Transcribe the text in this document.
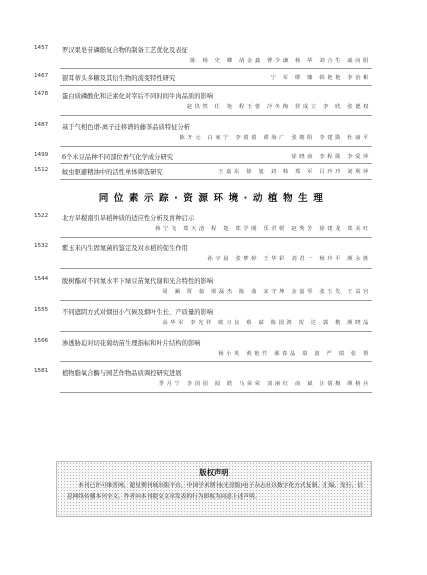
1457	罗汉果皂苷磷脂复合物的制备工艺优化及表征
陈 杨 史 卿 胡金鑫 曹少谦 杨 华 刘合生 戚向阳
1467	银耳蒂头多糖及其衍生物的流变特性研究	宁 军 缪 娜 韩艳艳 李治彬
1478	蛋白质磷酸化和泛素化对宰后不同时间牛肉品质的影响
赵玖然 任 艳 程玉蕾 冷冬梅 侯成立 李 欣 张德权
1487	基于气相色谱-离子迁移谱的藤茶品质特征分析
陈开元 白家宁 李倩倩 谭海广 张朝阳 李建勋 杜丽平
1499	6个木豆品种不同部位香气化学成分研究	徐晓俞 李程勋 李爱萍
1512	蚊虫驱避精油中的活性单体筛选研究	王嘉东 徐 旭 刘 韩 郑 军 吕玲玲 刘利萍
同位素示踪·资源环境·动植物生理
1522	北方旱稷南引旱稻种质的适应性分析及育种启示
蒋宁飞 郑天清 程 楚 郑学刚 乐君媛 赵秀芳 徐建龙 郑美红
1532	紫玉米内生固氮菌的鉴定及对水稻的促生作用
孙宇晨 张梦婷 王华彩 刘君一 杨玲平 颜永胜
1544	脱树酯对不同氮水平下绿豆苗氮代谢和光合特性的影响
周 澜 贾 茹 梁磊杰 陈 曲 宋守坤 金嘉琴 张玉先 王益宫
1555	不同遮阴方式对烟田小气候及烟叶生长、产质量的影响
高华军 李光祥 欧习良 蔡 斌 陈国鸿 贺 达 郭 楷 颜晓晶
1566	渗透胁迫对切花菊幼苗生理指标和叶片结构的影响
杨小英 黄艳竹 郝春晶 慕 波 严 瑞 张 帮
1581	植物脂氧合酶与园艺作物品质调控研究进展
季月宁 李国园 闻 皓 马荣荣 刘丽红 俞 斌 汪倩梅 颜榕兵
版权声明
本刊已许可维普网、超星期刊域出版平台、中国学术期刊(光盘版)电子杂志社以数字化方式复制、汇编、发行、信息网络传播本刊全文。作者向本刊提交文章发表的行为即视为同意上述声明。
